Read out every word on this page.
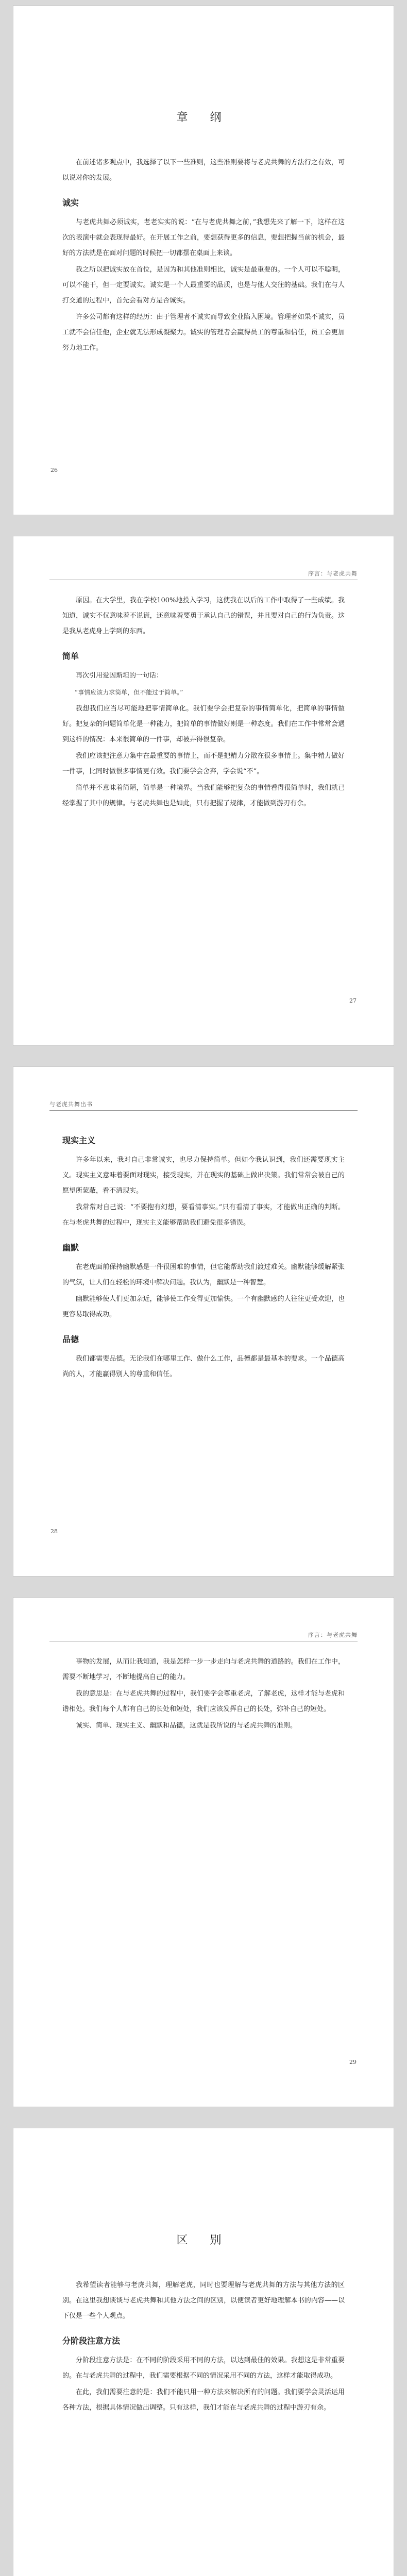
章 纲

在前述诸多观点中，我选择了以下一些准则，这些准则要将与老虎共舞的方法行之有效，可以说对你的发展。

诚实

与老虎共舞必须诚实，老老实实的说：“在与老虎共舞之前，”我想先来了解一下，这样在这次的表演中就会表现得最好。在开展工作之前，要想获得更多的信息，要想把握当前的机会，最好的方法就是在面对问题的时候把一切都摆在桌面上来谈。

我之所以把诚实放在首位，是因为和其他准则相比，诚实是最重要的。一个人可以不聪明，可以不能干，但一定要诚实。诚实是一个人最重要的品质，也是与他人交往的基础。我们在与人打交道的过程中，首先会看对方是否诚实。

许多公司都有这样的经历：由于管理者不诚实而导致企业陷入困境。管理者如果不诚实，员工就不会信任他，企业就无法形成凝聚力。诚实的管理者会赢得员工的尊重和信任，员工会更加努力地工作。

26
序言：与老虎共舞

原因。在大学里，我在学校100%地投入学习，这使我在以后的工作中取得了一些成绩。我知道，诚实不仅意味着不说谎，还意味着要勇于承认自己的错误，并且要对自己的行为负责。这是我从老虎身上学到的东西。

简单

再次引用爱因斯坦的一句话：

“事情应该力求简单，但不能过于简单。”

我想我们应当尽可能地把事情简单化。我们要学会把复杂的事情简单化，把简单的事情做好。把复杂的问题简单化是一种能力，把简单的事情做好则是一种态度。我们在工作中常常会遇到这样的情况：本来很简单的一件事，却被弄得很复杂。

我们应该把注意力集中在最重要的事情上，而不是把精力分散在很多事情上。集中精力做好一件事，比同时做很多事情更有效。我们要学会舍弃，学会说“不”。

简单并不意味着简陋，简单是一种境界。当我们能够把复杂的事情看得很简单时，我们就已经掌握了其中的规律。与老虎共舞也是如此，只有把握了规律，才能做到游刃有余。

27
与老虎共舞出书
现实主义

许多年以来，我对自己非常诚实，也尽力保持简单。但如今我认识到，我们还需要现实主义。现实主义意味着要面对现实，接受现实，并在现实的基础上做出决策。我们常常会被自己的愿望所蒙蔽，看不清现实。

我常常对自己说：“不要抱有幻想，要看清事实。”只有看清了事实，才能做出正确的判断。在与老虎共舞的过程中，现实主义能够帮助我们避免很多错误。

幽默

在老虎面前保持幽默感是一件很困难的事情，但它能帮助我们渡过难关。幽默能够缓解紧张的气氛，让人们在轻松的环境中解决问题。我认为，幽默是一种智慧。

幽默能够使人们更加亲近，能够使工作变得更加愉快。一个有幽默感的人往往更受欢迎，也更容易取得成功。

品德

我们都需要品德。无论我们在哪里工作、做什么工作，品德都是最基本的要求。一个品德高尚的人，才能赢得别人的尊重和信任。

28
序言：与老虎共舞

事物的发展，从而让我知道，我是怎样一步一步走向与老虎共舞的道路的。我们在工作中，需要不断地学习，不断地提高自己的能力。

我的意思是：在与老虎共舞的过程中，我们要学会尊重老虎，了解老虎，这样才能与老虎和谐相处。我们每个人都有自己的长处和短处，我们应该发挥自己的长处，弥补自己的短处。

诚实、简单、现实主义、幽默和品德，这就是我所说的与老虎共舞的准则。

29
区 别

我希望读者能够与老虎共舞，理解老虎，同时也要理解与老虎共舞的方法与其他方法的区别。在这里我想谈谈与老虎共舞和其他方法之间的区别，以便读者更好地理解本书的内容——以下仅是一些个人观点。

分阶段注意方法

分阶段注意方法是：在不同的阶段采用不同的方法，以达到最佳的效果。我想这是非常重要的。在与老虎共舞的过程中，我们需要根据不同的情况采用不同的方法，这样才能取得成功。

在此，我们需要注意的是：我们不能只用一种方法来解决所有的问题。我们要学会灵活运用各种方法，根据具体情况做出调整。只有这样，我们才能在与老虎共舞的过程中游刃有余。
